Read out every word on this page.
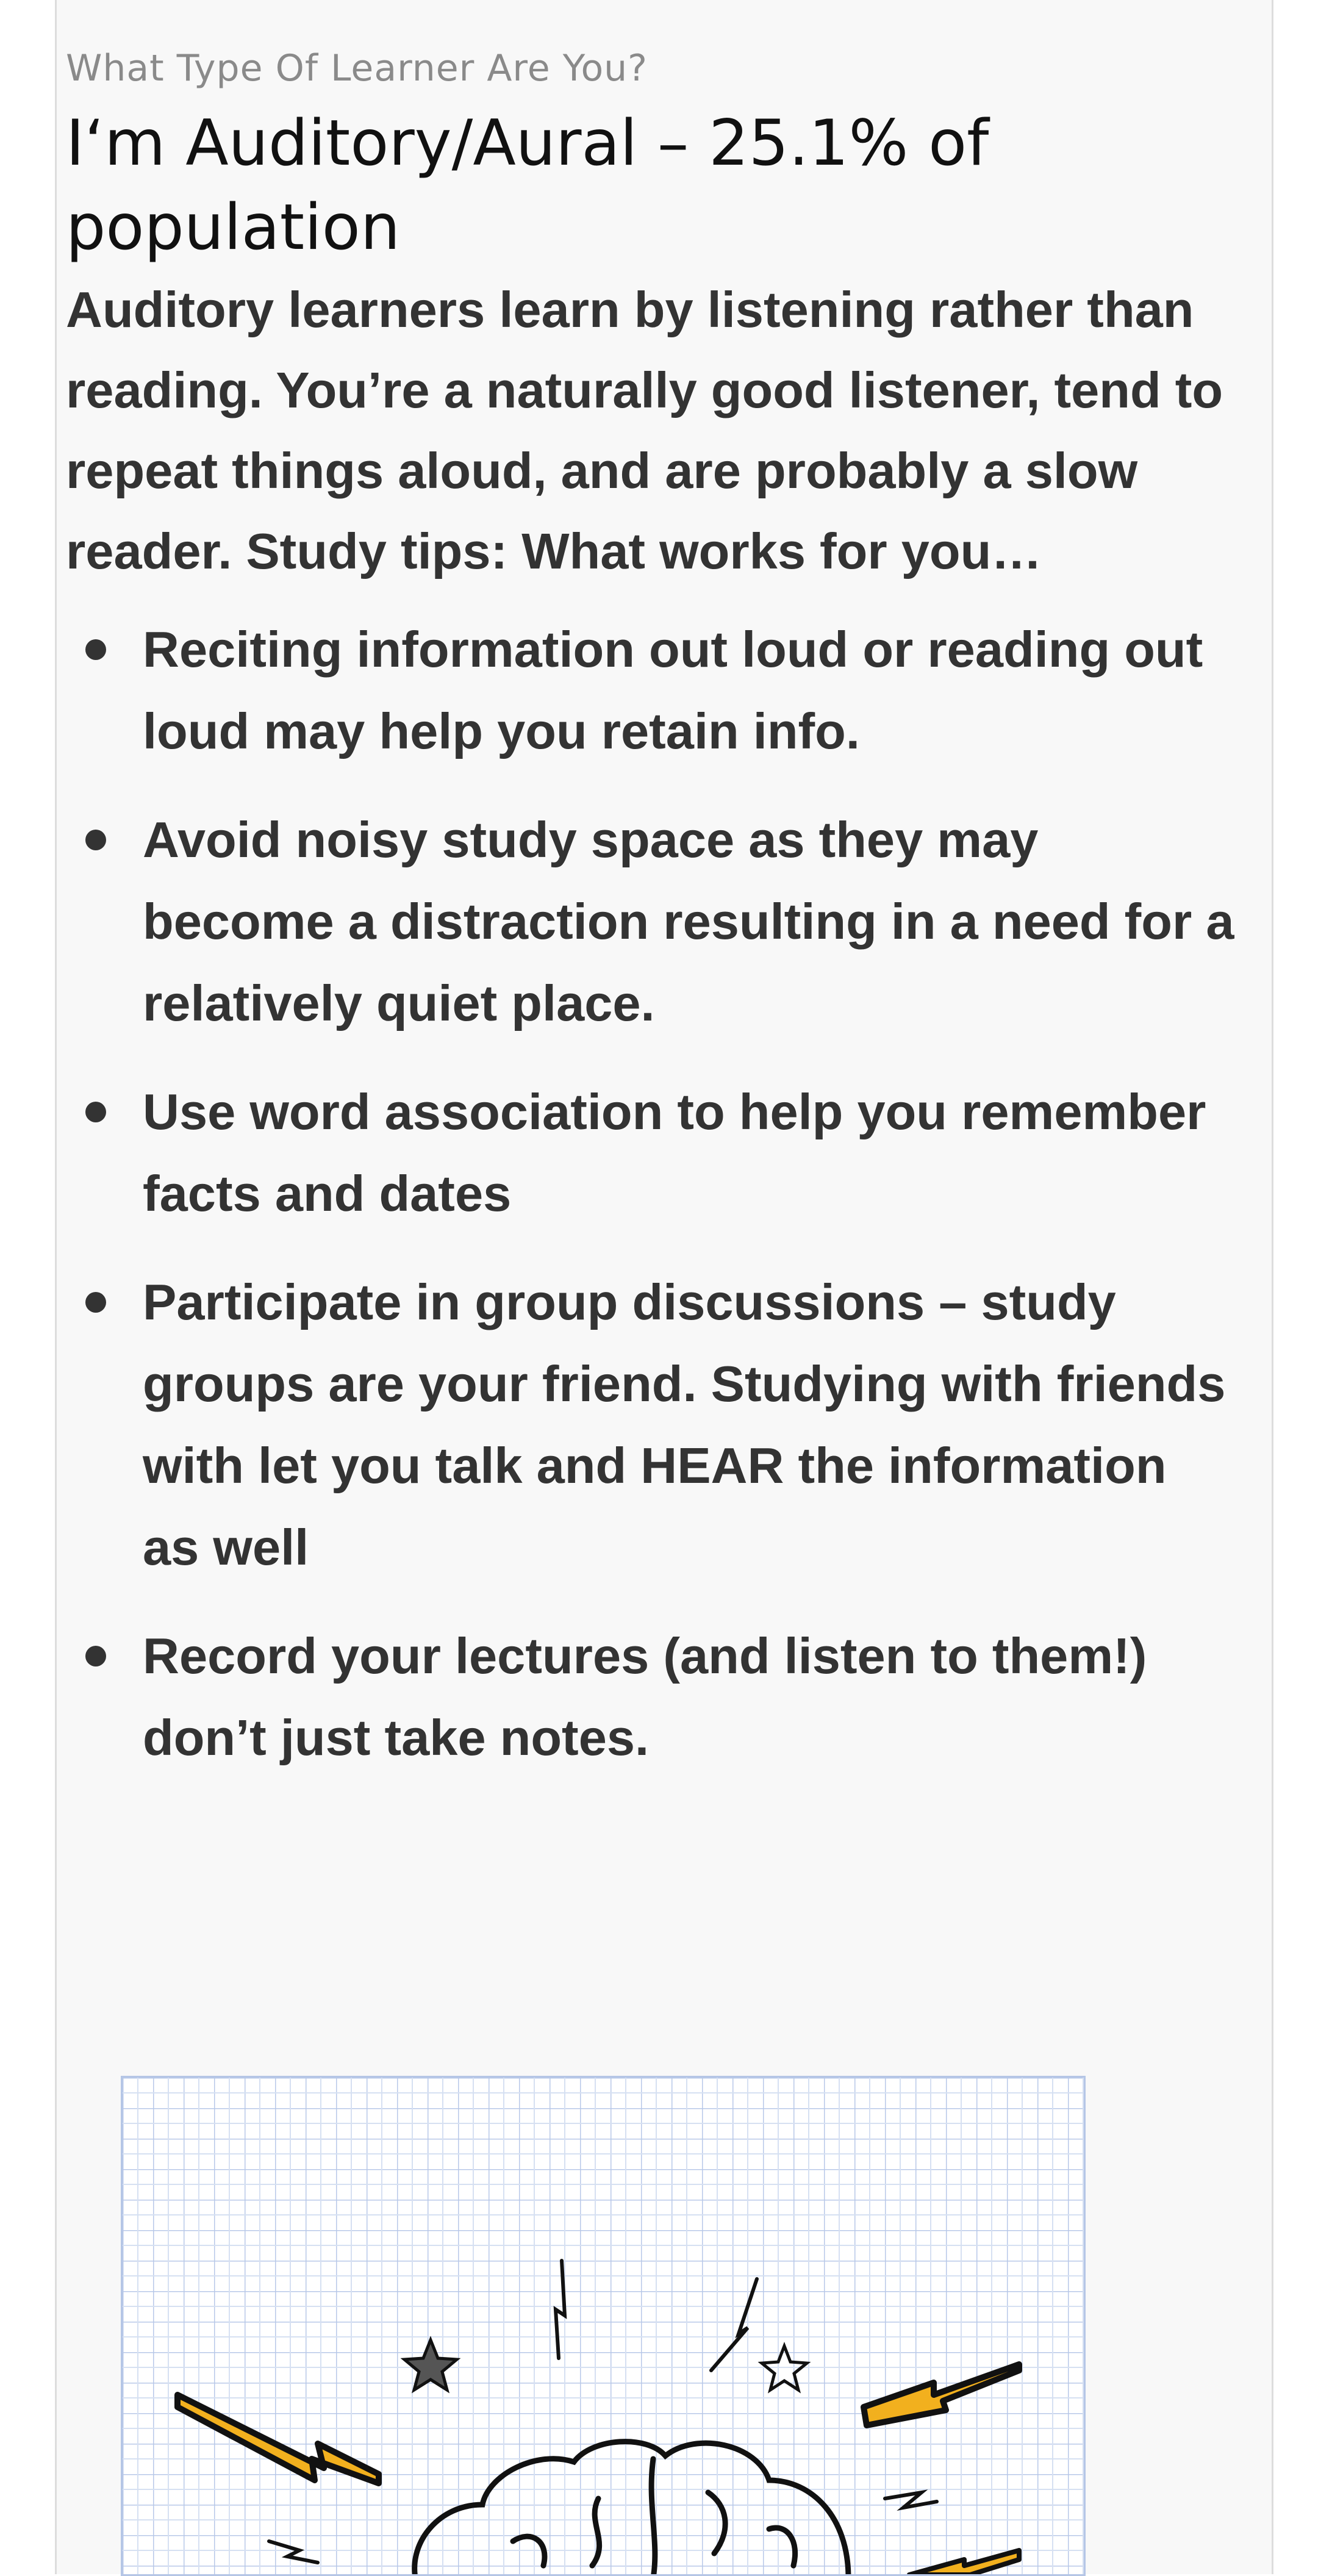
What Type Of Learner Are You?

I‘m Auditory/Aural – 25.1% of population

Auditory learners learn by listening rather than reading. You’re a naturally good listener, tend to repeat things aloud, and are probably a slow reader. Study tips: What works for you…

Reciting information out loud or reading out loud may help you retain info.
Avoid noisy study space as they may become a distraction resulting in a need for a relatively quiet place.
Use word association to help you remember facts and dates
Participate in group discussions – study groups are your friend. Studying with friends with let you talk and HEAR the information as well
Record your lectures (and listen to them!) don’t just take notes.
